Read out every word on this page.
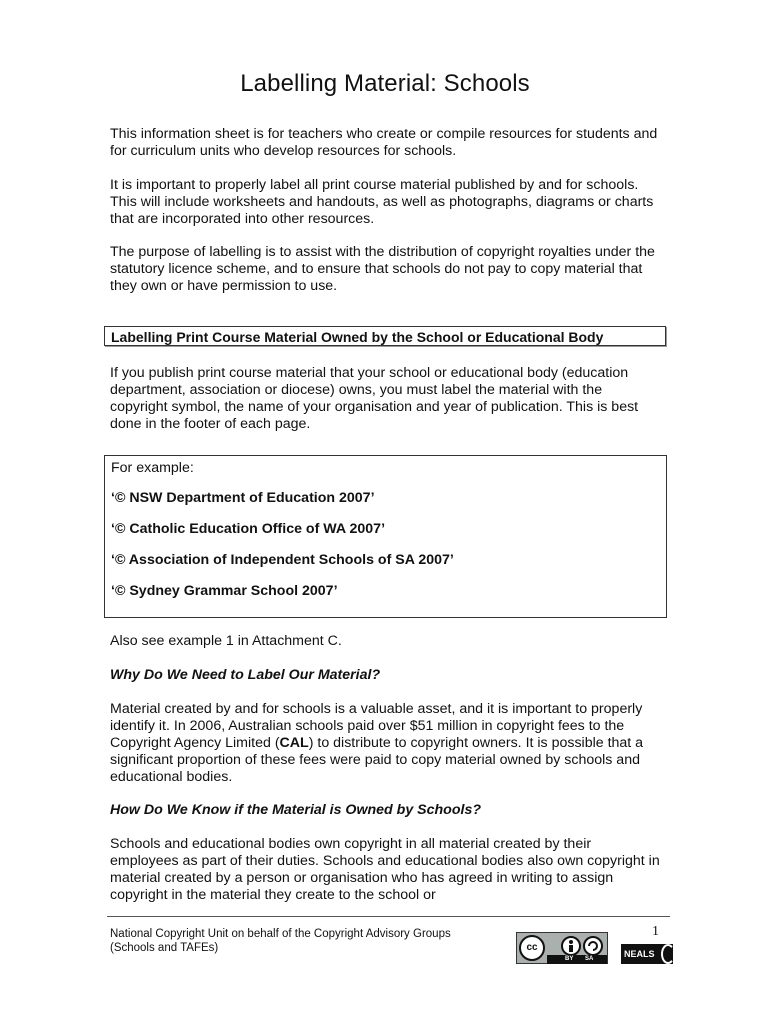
Labelling Material: Schools

This information sheet is for teachers who create or compile resources for students and for curriculum units who develop resources for schools.

It is important to properly label all print course material published by and for schools. This will include worksheets and handouts, as well as photographs, diagrams or charts that are incorporated into other resources.

The purpose of labelling is to assist with the distribution of copyright royalties under the statutory licence scheme, and to ensure that schools do not pay to copy material that they own or have permission to use.

Labelling Print Course Material Owned by the School or Educational Body

If you publish print course material that your school or educational body (education department, association or diocese) owns, you must label the material with the copyright symbol, the name of your organisation and year of publication. This is best done in the footer of each page.

For example:
‘© NSW Department of Education 2007’
‘© Catholic Education Office of WA 2007’
‘© Association of Independent Schools of SA 2007’
‘© Sydney Grammar School 2007’

Also see example 1 in Attachment C.

Why Do We Need to Label Our Material?

Material created by and for schools is a valuable asset, and it is important to properly identify it. In 2006, Australian schools paid over $51 million in copyright fees to the Copyright Agency Limited (CAL) to distribute to copyright owners. It is possible that a significant proportion of these fees were paid to copy material owned by schools and educational bodies.

How Do We Know if the Material is Owned by Schools?

Schools and educational bodies own copyright in all material created by their employees as part of their duties. Schools and educational bodies also own copyright in material created by a person or organisation who has agreed in writing to assign copyright in the material they create to the school or

National Copyright Unit on behalf of the Copyright Advisory Groups
(Schools and TAFEs)
1
cc
BY SA	NEALS
